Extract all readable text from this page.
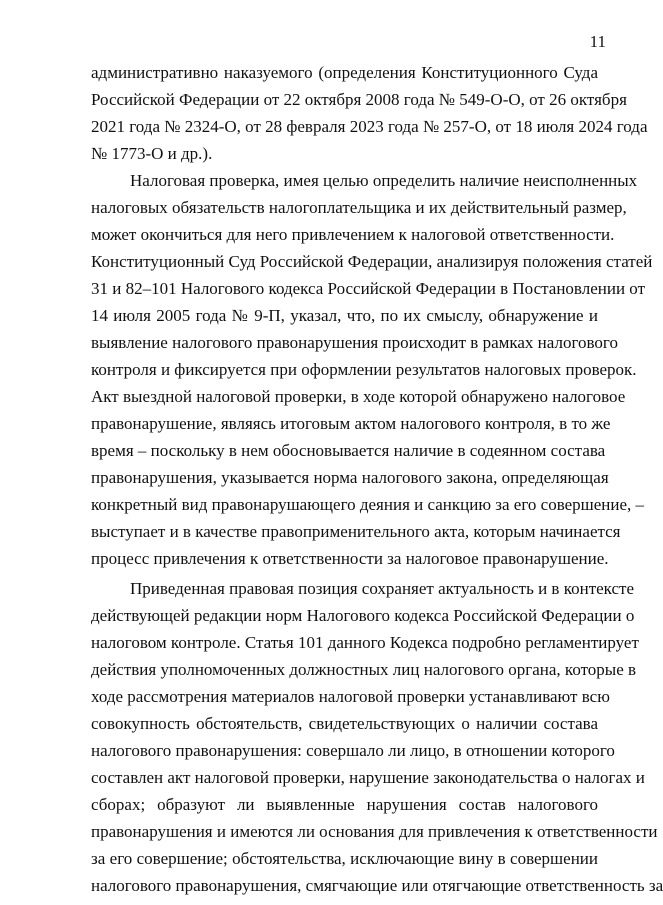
11
административно наказуемого (определения Конституционного Суда
Российской Федерации от 22 октября 2008 года № 549-О-О, от 26 октября
2021 года № 2324-О, от 28 февраля 2023 года № 257-О, от 18 июля 2024 года
№ 1773-О и др.).
Налоговая проверка, имея целью определить наличие неисполненных
налоговых обязательств налогоплательщика и их действительный размер,
может окончиться для него привлечением к налоговой ответственности.
Конституционный Суд Российской Федерации, анализируя положения статей
31 и 82–101 Налогового кодекса Российской Федерации в Постановлении от
14 июля 2005 года № 9-П, указал, что, по их смыслу, обнаружение и
выявление налогового правонарушения происходит в рамках налогового
контроля и фиксируется при оформлении результатов налоговых проверок.
Акт выездной налоговой проверки, в ходе которой обнаружено налоговое
правонарушение, являясь итоговым актом налогового контроля, в то же
время – поскольку в нем обосновывается наличие в содеянном состава
правонарушения, указывается норма налогового закона, определяющая
конкретный вид правонарушающего деяния и санкцию за его совершение, –
выступает и в качестве правоприменительного акта, которым начинается
процесс привлечения к ответственности за налоговое правонарушение.
Приведенная правовая позиция сохраняет актуальность и в контексте
действующей редакции норм Налогового кодекса Российской Федерации о
налоговом контроле. Статья 101 данного Кодекса подробно регламентирует
действия уполномоченных должностных лиц налогового органа, которые в
ходе рассмотрения материалов налоговой проверки устанавливают всю
совокупность обстоятельств, свидетельствующих о наличии состава
налогового правонарушения: совершало ли лицо, в отношении которого
составлен акт налоговой проверки, нарушение законодательства о налогах и
сборах; образуют ли выявленные нарушения состав налогового
правонарушения и имеются ли основания для привлечения к ответственности
за его совершение; обстоятельства, исключающие вину в совершении
налогового правонарушения, смягчающие или отягчающие ответственность за
